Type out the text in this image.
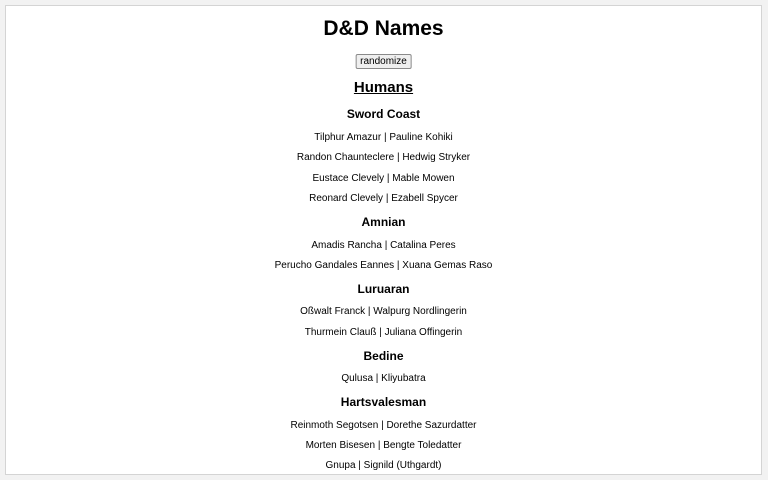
D&D Names
randomize
Humans
Sword Coast
Tilphur Amazur | Pauline Kohiki
Randon Chaunteclere | Hedwig Stryker
Eustace Clevely | Mable Mowen
Reonard Clevely | Ezabell Spycer
Amnian
Amadis Rancha | Catalina Peres
Perucho Gandales Eannes | Xuana Gemas Raso
Luruaran
Oßwalt Franck | Walpurg Nordlingerin
Thurmein Clauß | Juliana Offingerin
Bedine
Qulusa | Kliyubatra
Hartsvalesman
Reinmoth Segotsen | Dorethe Sazurdatter
Morten Bisesen | Bengte Toledatter
Gnupa | Signild (Uthgardt)
